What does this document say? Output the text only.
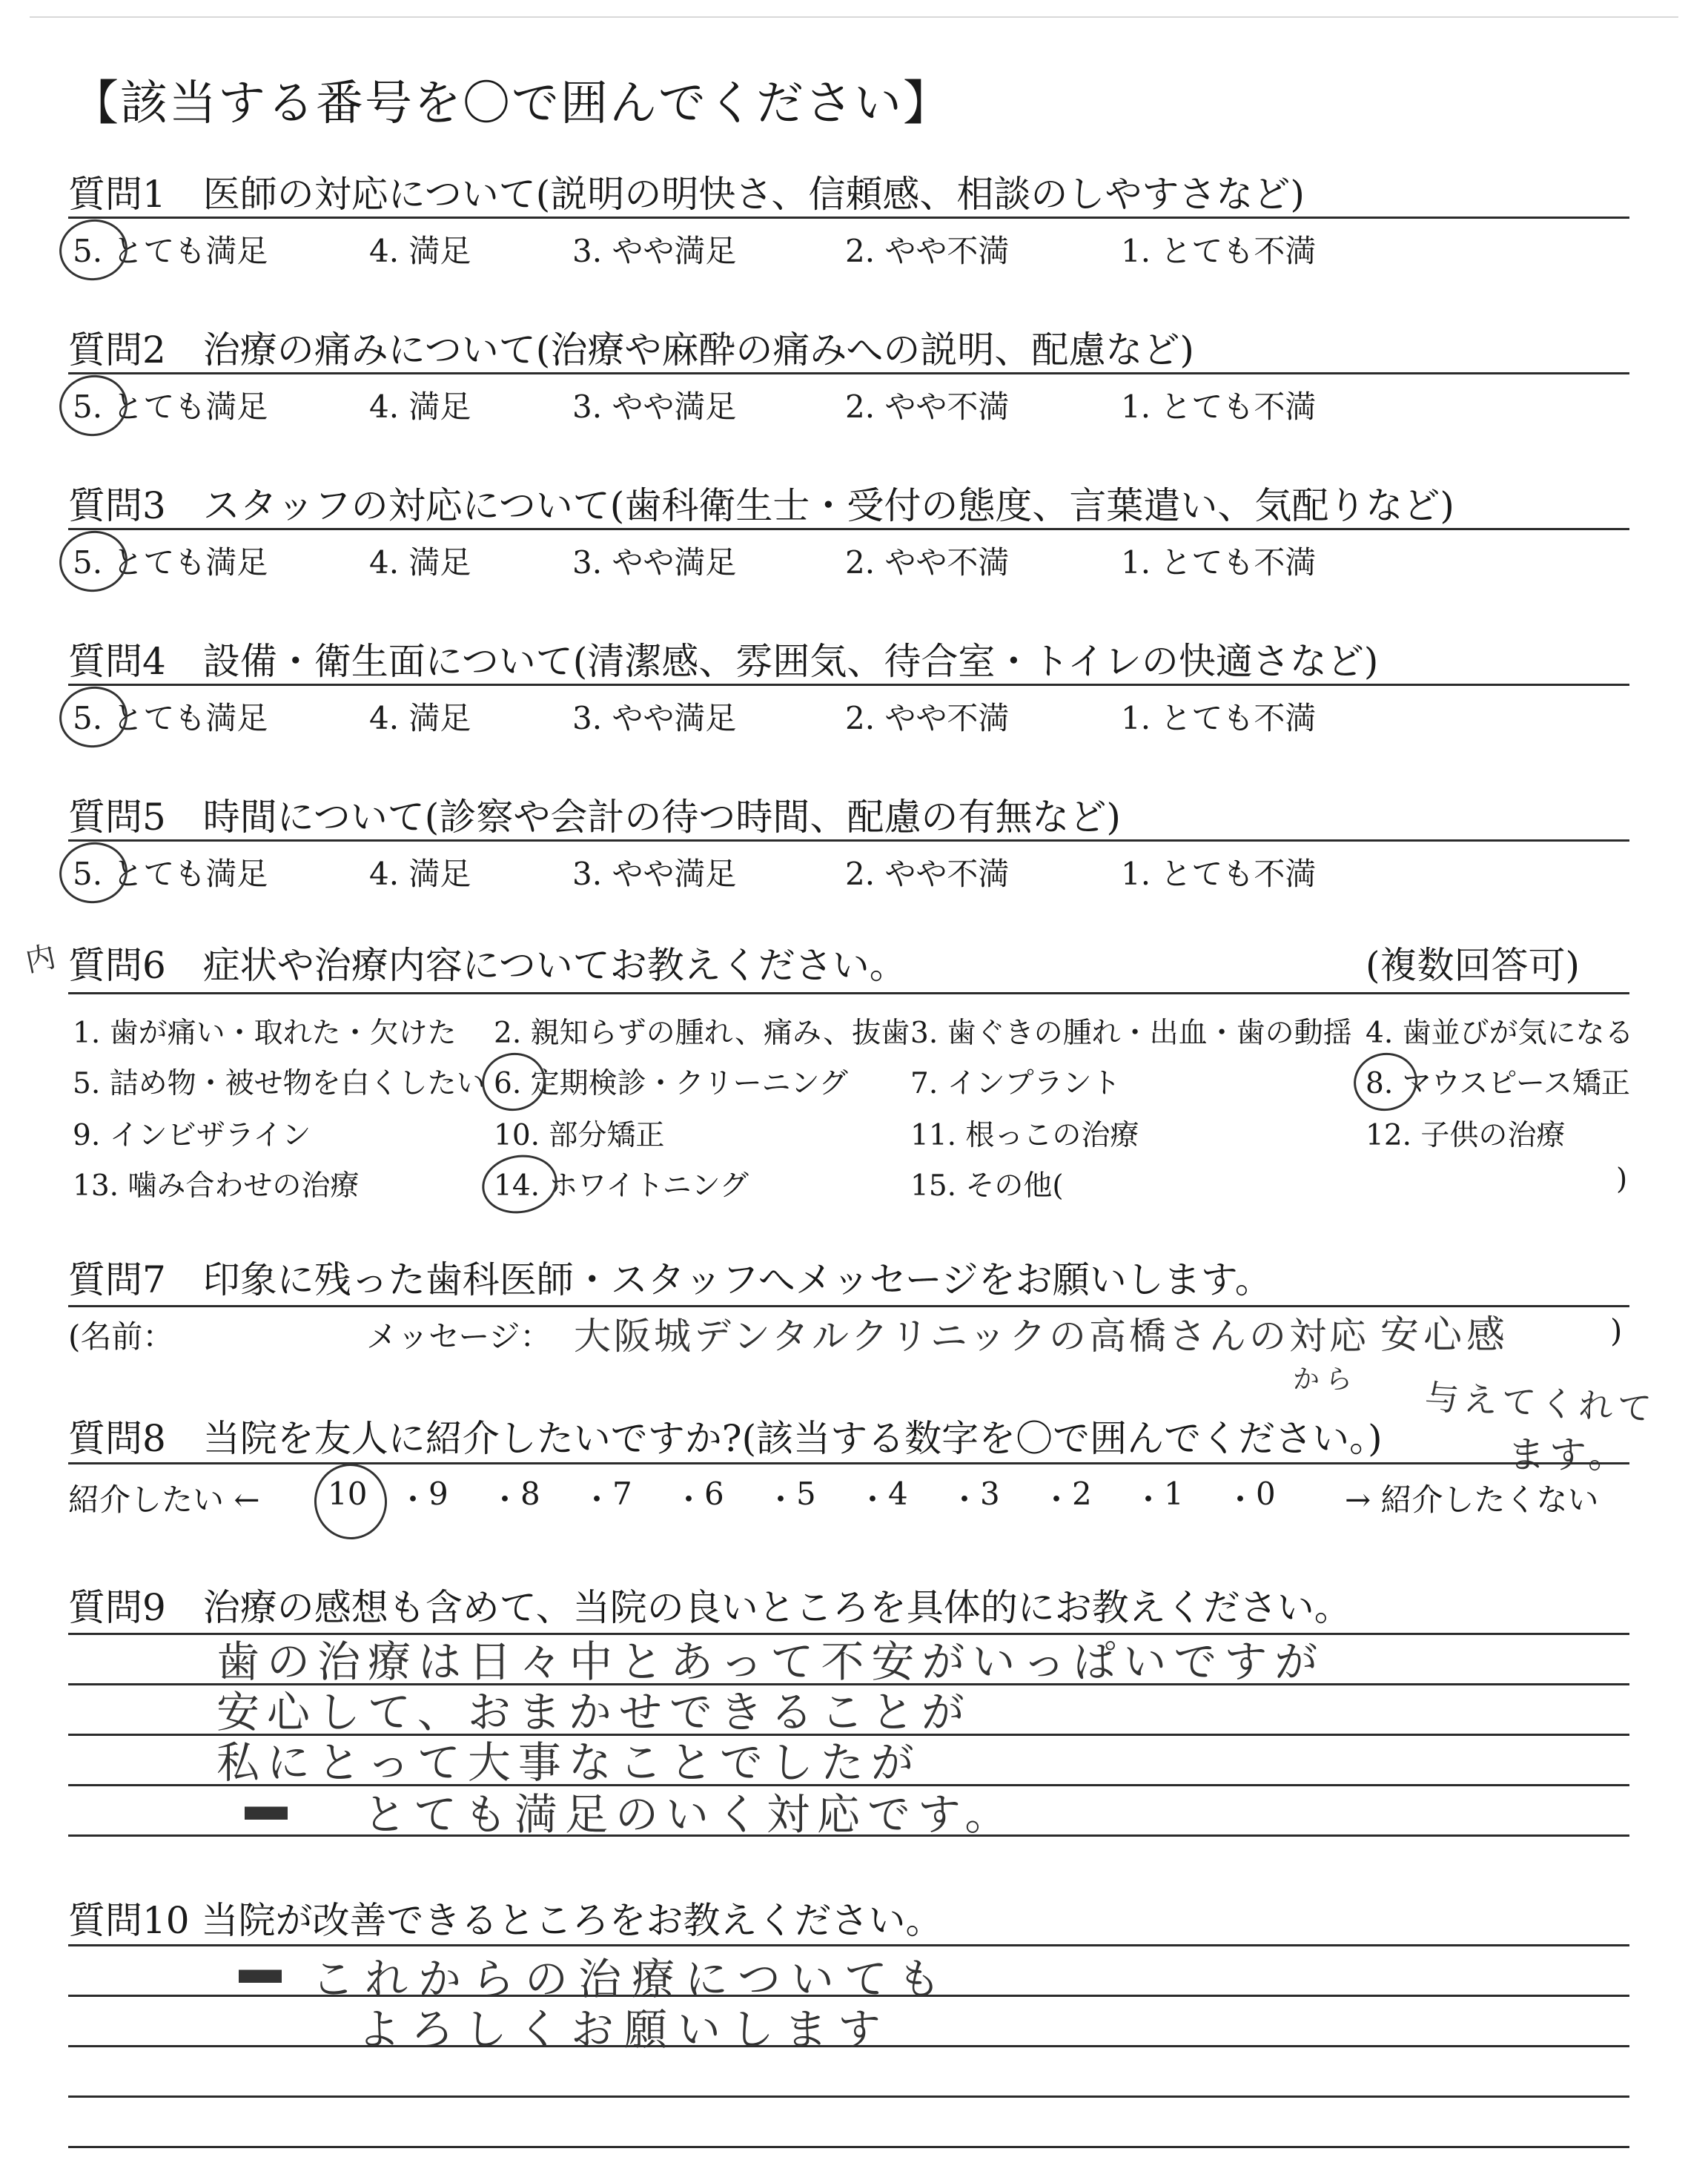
【該当する番号を〇で囲んでください】
質問1　医師の対応について(説明の明快さ、信頼感、相談のしやすさなど)
5. とても満足	4. 満足	3. やや満足	2. やや不満	1. とても不満
質問2　治療の痛みについて(治療や麻酔の痛みへの説明、配慮など)
5. とても満足	4. 満足	3. やや満足	2. やや不満	1. とても不満
質問3　スタッフの対応について(歯科衛生士・受付の態度、言葉遣い、気配りなど)
5. とても満足	4. 満足	3. やや満足	2. やや不満	1. とても不満
質問4　設備・衛生面について(清潔感、雰囲気、待合室・トイレの快適さなど)
5. とても満足	4. 満足	3. やや満足	2. やや不満	1. とても不満
質問5　時間について(診察や会計の待つ時間、配慮の有無など)
5. とても満足	4. 満足	3. やや満足	2. やや不満	1. とても不満
内 質問6　症状や治療内容についてお教えください。	(複数回答可)
1. 歯が痛い・取れた・欠けた 2. 親知らずの腫れ、痛み、抜歯 3. 歯ぐきの腫れ・出血・歯の動揺 4. 歯並びが気になる
5. 詰め物・被せ物を白くしたい 6. 定期検診・クリーニング 7. インプラント	8. マウスピース矯正
9. インビザライン	10. 部分矯正	11. 根っこの治療	12. 子供の治療
13. 噛み合わせの治療	14. ホワイトニング	15. その他(	)
質問7　印象に残った歯科医師・スタッフへメッセージをお願いします。
(名前：	メッセージ： 大阪城デンタルクリニックの高橋さんの対応 安心感
から 与えてくれて
ます。
)
質問8　当院を友人に紹介したいですか?(該当する数字を〇で囲んでください。)
紹介したい ← 10 ・ 9 ・ 8 ・ 7 ・ 6 ・ 5 ・ 4 ・ 3 ・ 2 ・ 1 ・ 0 → 紹介したくない
質問9　治療の感想も含めて、当院の良いところを具体的にお教えください。
歯の治療は日々中とあって不安がいっぱいですが
安心して、おまかせできることが
私にとって大事なことでしたが
▬ とても満足のいく対応です。
質問10 当院が改善できるところをお教えください。
▬ これからの治療についても
よろしくお願いします
